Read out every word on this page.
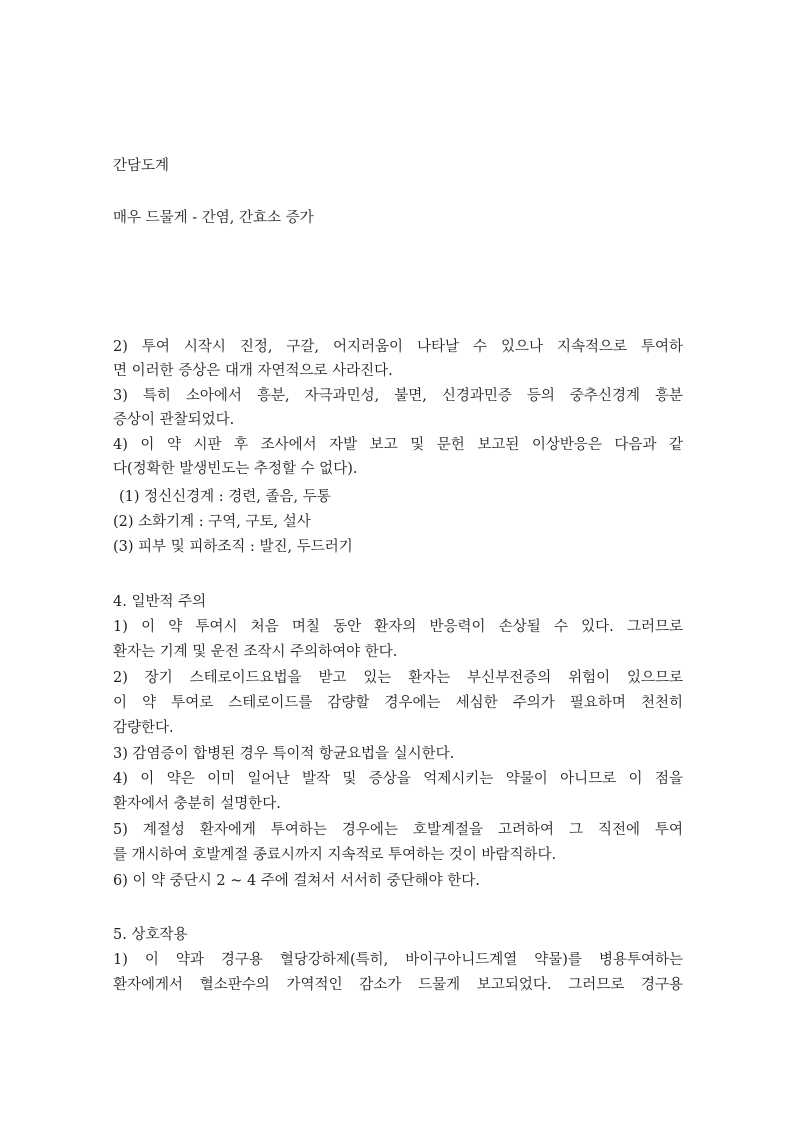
간담도계
매우 드물게 - 간염, 간효소 증가
2) 투여 시작시 진정, 구갈, 어지러움이 나타날 수 있으나 지속적으로 투여하
면 이러한 증상은 대개 자연적으로 사라진다.
3) 특히 소아에서 흥분, 자극과민성, 불면, 신경과민증 등의 중추신경계 흥분
증상이 관찰되었다.
4) 이 약 시판 후 조사에서 자발 보고 및 문헌 보고된 이상반응은 다음과 같
다(정확한 발생빈도는 추정할 수 없다).
(1) 정신신경계 : 경련, 졸음, 두통
(2) 소화기계 : 구역, 구토, 설사
(3) 피부 및 피하조직 : 발진, 두드러기
4. 일반적 주의
1) 이 약 투여시 처음 며칠 동안 환자의 반응력이 손상될 수 있다. 그러므로
환자는 기계 및 운전 조작시 주의하여야 한다.
2) 장기 스테로이드요법을 받고 있는 환자는 부신부전증의 위험이 있으므로
이 약 투여로 스테로이드를 감량할 경우에는 세심한 주의가 필요하며 천천히
감량한다.
3) 감염증이 합병된 경우 특이적 항균요법을 실시한다.
4) 이 약은 이미 일어난 발작 및 증상을 억제시키는 약물이 아니므로 이 점을
환자에서 충분히 설명한다.
5) 계절성 환자에게 투여하는 경우에는 호발계절을 고려하여 그 직전에 투여
를 개시하여 호발계절 종료시까지 지속적로 투여하는 것이 바람직하다.
6) 이 약 중단시 2 ~ 4 주에 걸쳐서 서서히 중단해야 한다.
5. 상호작용
1) 이 약과 경구용 혈당강하제(특히, 바이구아니드계열 약물)를 병용투여하는
환자에게서 혈소판수의 가역적인 감소가 드물게 보고되었다. 그러므로 경구용
